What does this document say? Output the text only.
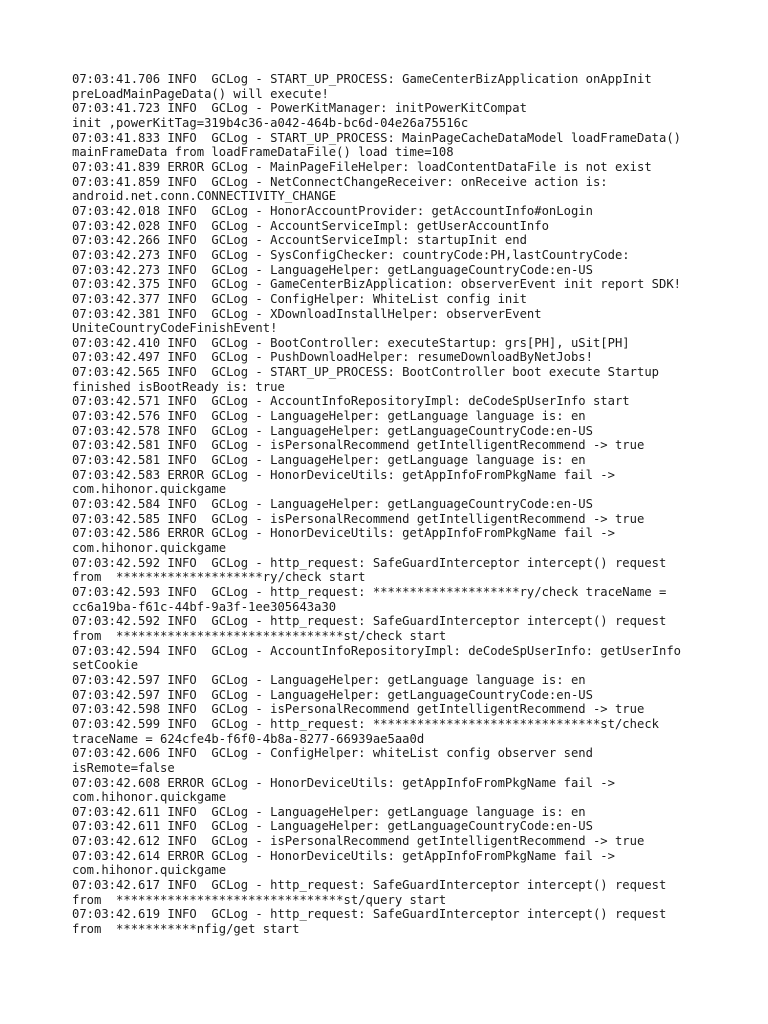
07:03:41.706 INFO  GCLog - START_UP_PROCESS: GameCenterBizApplication onAppInit
preLoadMainPageData() will execute!
07:03:41.723 INFO  GCLog - PowerKitManager: initPowerKitCompat
init ,powerKitTag=319b4c36-a042-464b-bc6d-04e26a75516c
07:03:41.833 INFO  GCLog - START_UP_PROCESS: MainPageCacheDataModel loadFrameData()
mainFrameData from loadFrameDataFile() load time=108
07:03:41.839 ERROR GCLog - MainPageFileHelper: loadContentDataFile is not exist
07:03:41.859 INFO  GCLog - NetConnectChangeReceiver: onReceive action is:
android.net.conn.CONNECTIVITY_CHANGE
07:03:42.018 INFO  GCLog - HonorAccountProvider: getAccountInfo#onLogin
07:03:42.028 INFO  GCLog - AccountServiceImpl: getUserAccountInfo
07:03:42.266 INFO  GCLog - AccountServiceImpl: startupInit end
07:03:42.273 INFO  GCLog - SysConfigChecker: countryCode:PH,lastCountryCode:
07:03:42.273 INFO  GCLog - LanguageHelper: getLanguageCountryCode:en-US
07:03:42.375 INFO  GCLog - GameCenterBizApplication: observerEvent init report SDK!
07:03:42.377 INFO  GCLog - ConfigHelper: WhiteList config init
07:03:42.381 INFO  GCLog - XDownloadInstallHelper: observerEvent
UniteCountryCodeFinishEvent!
07:03:42.410 INFO  GCLog - BootController: executeStartup: grs[PH], uSit[PH]
07:03:42.497 INFO  GCLog - PushDownloadHelper: resumeDownloadByNetJobs!
07:03:42.565 INFO  GCLog - START_UP_PROCESS: BootController boot execute Startup
finished isBootReady is: true
07:03:42.571 INFO  GCLog - AccountInfoRepositoryImpl: deCodeSpUserInfo start
07:03:42.576 INFO  GCLog - LanguageHelper: getLanguage language is: en
07:03:42.578 INFO  GCLog - LanguageHelper: getLanguageCountryCode:en-US
07:03:42.581 INFO  GCLog - isPersonalRecommend getIntelligentRecommend -> true
07:03:42.581 INFO  GCLog - LanguageHelper: getLanguage language is: en
07:03:42.583 ERROR GCLog - HonorDeviceUtils: getAppInfoFromPkgName fail ->
com.hihonor.quickgame
07:03:42.584 INFO  GCLog - LanguageHelper: getLanguageCountryCode:en-US
07:03:42.585 INFO  GCLog - isPersonalRecommend getIntelligentRecommend -> true
07:03:42.586 ERROR GCLog - HonorDeviceUtils: getAppInfoFromPkgName fail ->
com.hihonor.quickgame
07:03:42.592 INFO  GCLog - http_request: SafeGuardInterceptor intercept() request
from  ********************ry/check start
07:03:42.593 INFO  GCLog - http_request: ********************ry/check traceName =
cc6a19ba-f61c-44bf-9a3f-1ee305643a30
07:03:42.592 INFO  GCLog - http_request: SafeGuardInterceptor intercept() request
from  *******************************st/check start
07:03:42.594 INFO  GCLog - AccountInfoRepositoryImpl: deCodeSpUserInfo: getUserInfo
setCookie
07:03:42.597 INFO  GCLog - LanguageHelper: getLanguage language is: en
07:03:42.597 INFO  GCLog - LanguageHelper: getLanguageCountryCode:en-US
07:03:42.598 INFO  GCLog - isPersonalRecommend getIntelligentRecommend -> true
07:03:42.599 INFO  GCLog - http_request: *******************************st/check
traceName = 624cfe4b-f6f0-4b8a-8277-66939ae5aa0d
07:03:42.606 INFO  GCLog - ConfigHelper: whiteList config observer send
isRemote=false
07:03:42.608 ERROR GCLog - HonorDeviceUtils: getAppInfoFromPkgName fail ->
com.hihonor.quickgame
07:03:42.611 INFO  GCLog - LanguageHelper: getLanguage language is: en
07:03:42.611 INFO  GCLog - LanguageHelper: getLanguageCountryCode:en-US
07:03:42.612 INFO  GCLog - isPersonalRecommend getIntelligentRecommend -> true
07:03:42.614 ERROR GCLog - HonorDeviceUtils: getAppInfoFromPkgName fail ->
com.hihonor.quickgame
07:03:42.617 INFO  GCLog - http_request: SafeGuardInterceptor intercept() request
from  *******************************st/query start
07:03:42.619 INFO  GCLog - http_request: SafeGuardInterceptor intercept() request
from  ***********nfig/get start
